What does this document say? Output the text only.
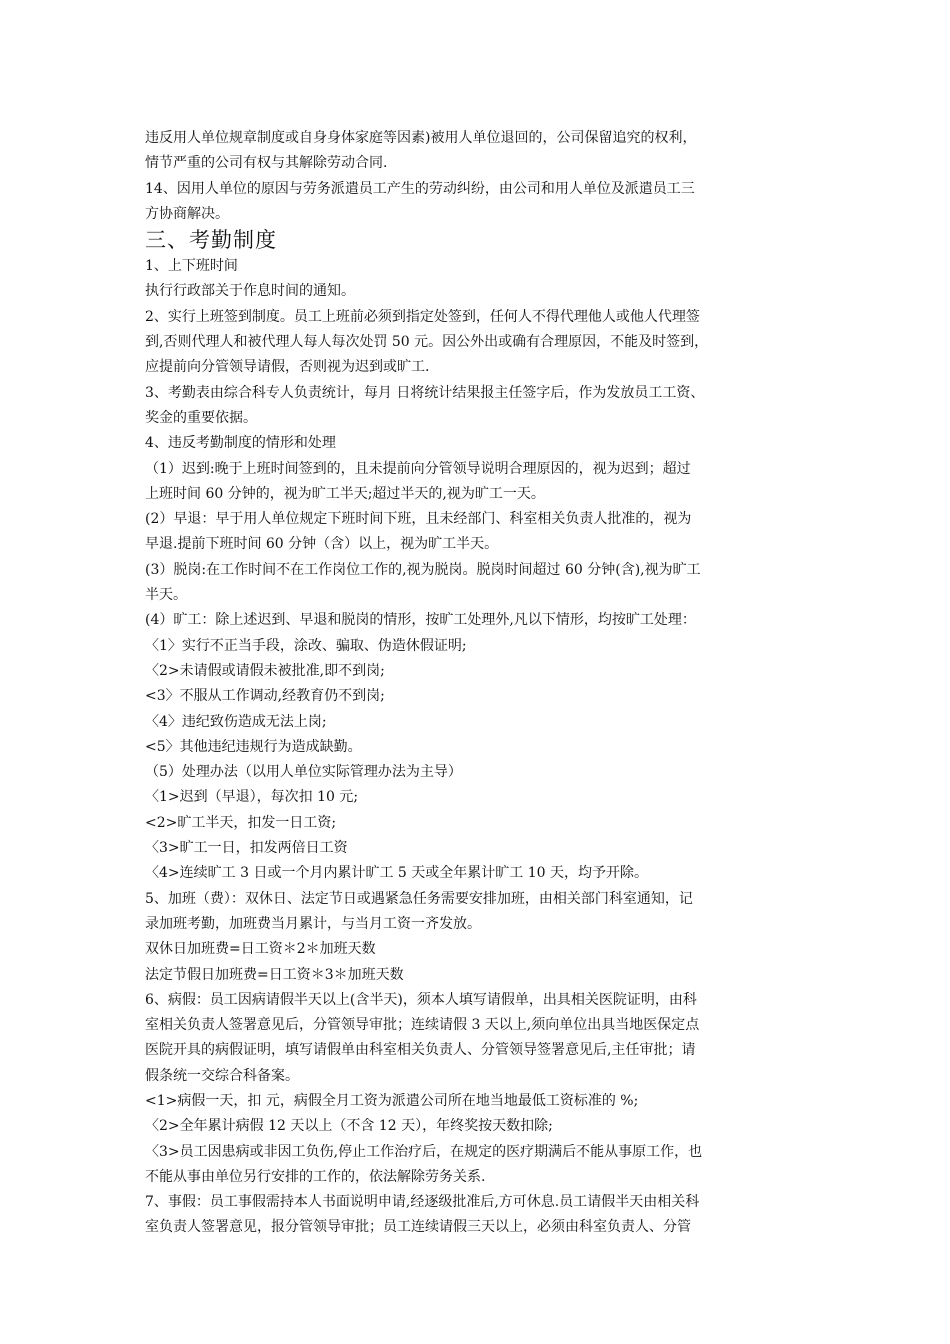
违反用人单位规章制度或自身身体家庭等因素)被用人单位退回的，公司保留追究的权利，

情节严重的公司有权与其解除劳动合同.

14、因用人单位的原因与劳务派遣员工产生的劳动纠纷，由公司和用人单位及派遣员工三

方协商解决。

三、考勤制度

1、上下班时间

执行行政部关于作息时间的通知。

2、实行上班签到制度。员工上班前必须到指定处签到，任何人不得代理他人或他人代理签

到,否则代理人和被代理人每人每次处罚 50 元。因公外出或确有合理原因，不能及时签到，

应提前向分管领导请假，否则视为迟到或旷工.

3、考勤表由综合科专人负责统计，每月 日将统计结果报主任签字后，作为发放员工工资、

奖金的重要依据。

4、违反考勤制度的情形和处理

（1）迟到:晚于上班时间签到的，且未提前向分管领导说明合理原因的，视为迟到；超过

上班时间 60 分钟的，视为旷工半天;超过半天的,视为旷工一天。

(2）早退：早于用人单位规定下班时间下班，且未经部门、科室相关负责人批准的，视为

早退.提前下班时间 60 分钟（含）以上，视为旷工半天。

(3）脱岗:在工作时间不在工作岗位工作的,视为脱岗。脱岗时间超过 60 分钟(含),视为旷工

半天。

(4）旷工：除上述迟到、早退和脱岗的情形，按旷工处理外,凡以下情形，均按旷工处理：

〈1〉实行不正当手段，涂改、骗取、伪造休假证明;

〈2>未请假或请假未被批准,即不到岗;

<3〉不服从工作调动,经教育仍不到岗;

〈4〉违纪致伤造成无法上岗;

<5〉其他违纪违规行为造成缺勤。

（5）处理办法（以用人单位实际管理办法为主导）

〈1>迟到（早退），每次扣 10 元;

<2>旷工半天，扣发一日工资;

〈3>旷工一日，扣发两倍日工资

〈4>连续旷工 3 日或一个月内累计旷工 5 天或全年累计旷工 10 天，均予开除。

5、加班（费）：双休日、法定节日或遇紧急任务需要安排加班，由相关部门科室通知，记

录加班考勤，加班费当月累计，与当月工资一齐发放。

双休日加班费=日工资＊2＊加班天数

法定节假日加班费=日工资＊3＊加班天数

6、病假：员工因病请假半天以上(含半天)，须本人填写请假单，出具相关医院证明，由科

室相关负责人签署意见后，分管领导审批；连续请假 3 天以上,须向单位出具当地医保定点

医院开具的病假证明，填写请假单由科室相关负责人、分管领导签署意见后,主任审批；请

假条统一交综合科备案。

<1>病假一天，扣 元，病假全月工资为派遣公司所在地当地最低工资标准的 %;

〈2>全年累计病假 12 天以上（不含 12 天），年终奖按天数扣除;

〈3>员工因患病或非因工负伤,停止工作治疗后，在规定的医疗期满后不能从事原工作，也

不能从事由单位另行安排的工作的，依法解除劳务关系.

7、事假：员工事假需持本人书面说明申请,经逐级批准后,方可休息.员工请假半天由相关科

室负责人签署意见，报分管领导审批；员工连续请假三天以上，必须由科室负责人、分管
